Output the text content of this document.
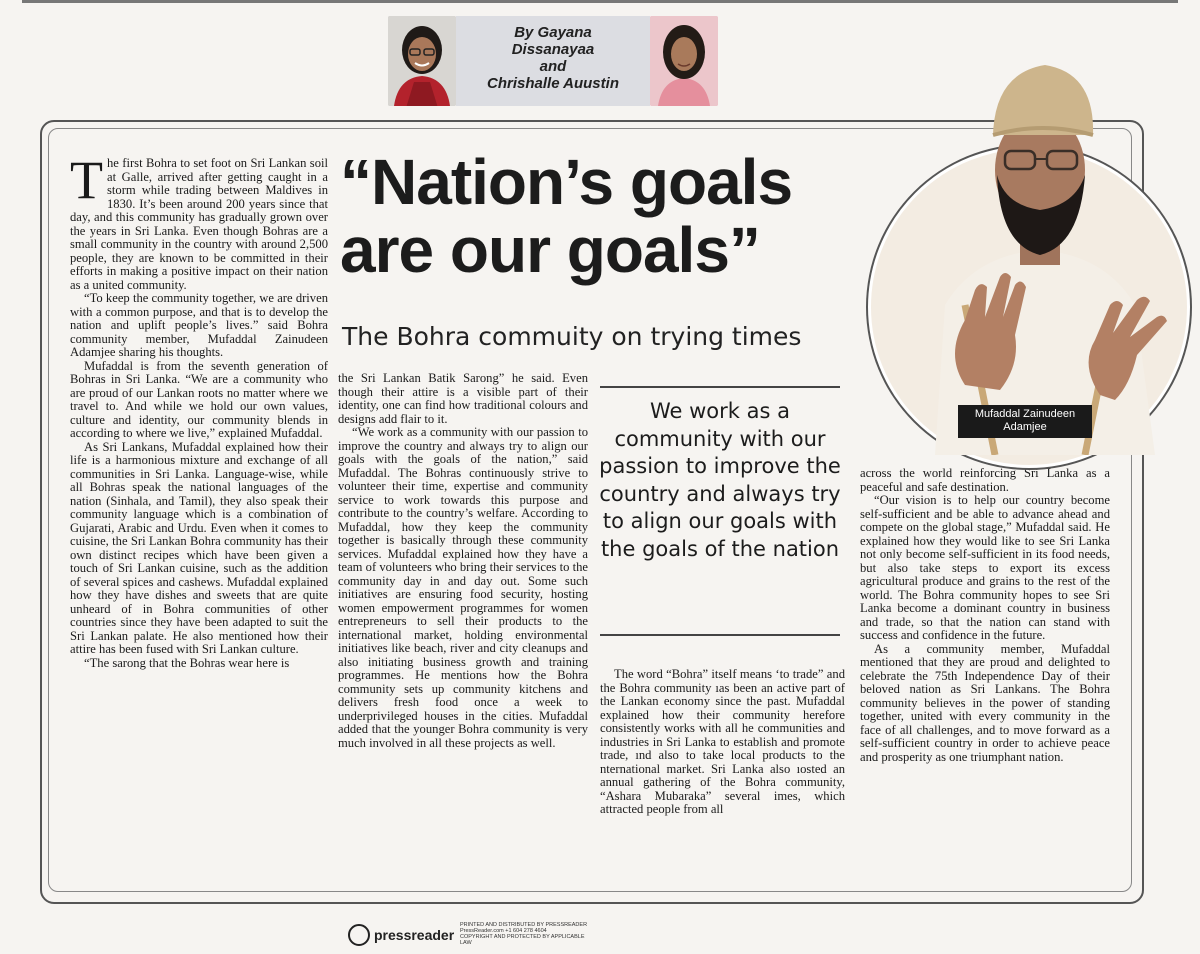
By Gayana
Dissanayaa
and
Chrishalle Auustin
“Nation’s goals
are our goals”
The Bohra commuity on trying times

The first Bohra to set foot on Sri Lankan soil at Galle, arrived after getting caught in a storm while trading between Maldives in 1830. It’s been around 200 years since that day, and this community has gradually grown over the years in Sri Lanka. Even though Bohras are a small community in the country with around 2,500 people, they are known to be committed in their efforts in making a positive impact on their nation as a united community.

“To keep the community together, we are driven with a common purpose, and that is to develop the nation and uplift people’s lives.” said Bohra community member, Mufaddal Zainudeen Adamjee sharing his thoughts.

Mufaddal is from the seventh generation of Bohras in Sri Lanka. “We are a community who are proud of our Lankan roots no matter where we travel to. And while we hold our own values, culture and identity, our community blends in according to where we live,” explained Mufaddal.

As Sri Lankans, Mufaddal explained how their life is a harmonious mixture and exchange of all communities in Sri Lanka. Language-wise, while all Bohras speak the national languages of the nation (Sinhala, and Tamil), they also speak their community language which is a combination of Gujarati, Arabic and Urdu. Even when it comes to cuisine, the Sri Lankan Bohra community has their own distinct recipes which have been given a touch of Sri Lankan cuisine, such as the addition of several spices and cashews. Mufaddal explained how they have dishes and sweets that are quite unheard of in Bohra communities of other countries since they have been adapted to suit the Sri Lankan palate. He also mentioned how their attire has been fused with Sri Lankan culture.

“The sarong that the Bohras wear here is

the Sri Lankan Batik Sarong” he said. Even though their attire is a visible part of their identity, one can find how traditional colours and designs add flair to it.

“We work as a community with our passion to improve the country and always try to align our goals with the goals of the nation,” said Mufaddal. The Bohras continuously strive to volunteer their time, expertise and community service to work towards this purpose and contribute to the country’s welfare. According to Mufaddal, how they keep the community together is basically through these community services. Mufaddal explained how they have a team of volunteers who bring their services to the community day in and day out. Some such initiatives are ensuring food security, hosting women empowerment programmes for women entrepreneurs to sell their products to the international market, holding environmental initiatives like beach, river and city cleanups and also initiating business growth and training programmes. He mentions how the Bohra community sets up community kitchens and delivers fresh food once a week to underprivileged houses in the cities. Mufaddal added that the younger Bohra community is very much involved in all these projects as well.

We work as a community with our passion to improve the country and always try to align our goals with the goals of the nation

The word “Bohra” itself means ‘to trade” and the Bohra community ıas been an active part of the Lankan economy since the past. Mufaddal explained how their community herefore consistently works with all he communities and industries in Sri Lanka to establish and promote trade, ınd also to take local products to the nternational market. Sri Lanka also ıosted an annual gathering of the Bohra community, “Ashara Mubaraka” several imes, which attracted people from all

across the world reinforcing Sri Lanka as a peaceful and safe destination.

“Our vision is to help our country become self-sufficient and be able to advance ahead and compete on the global stage,” Mufaddal said. He explained how they would like to see Sri Lanka not only become self-sufficient in its food needs, but also take steps to export its excess agricultural produce and grains to the rest of the world. The Bohra community hopes to see Sri Lanka become a dominant country in business and trade, so that the nation can stand with success and confidence in the future.

As a community member, Mufaddal mentioned that they are proud and delighted to celebrate the 75th Independence Day of their beloved nation as Sri Lankans. The Bohra community believes in the power of standing together, united with every community in the face of all challenges, and to move forward as a self-sufficient country in order to achieve peace and prosperity as one triumphant nation.

Mufaddal Zainudeen
Adamjee
pressreader
PRINTED AND DISTRIBUTED BY PRESSREADER
PressReader.com +1 604 278 4604
COPYRIGHT AND PROTECTED BY APPLICABLE LAW
